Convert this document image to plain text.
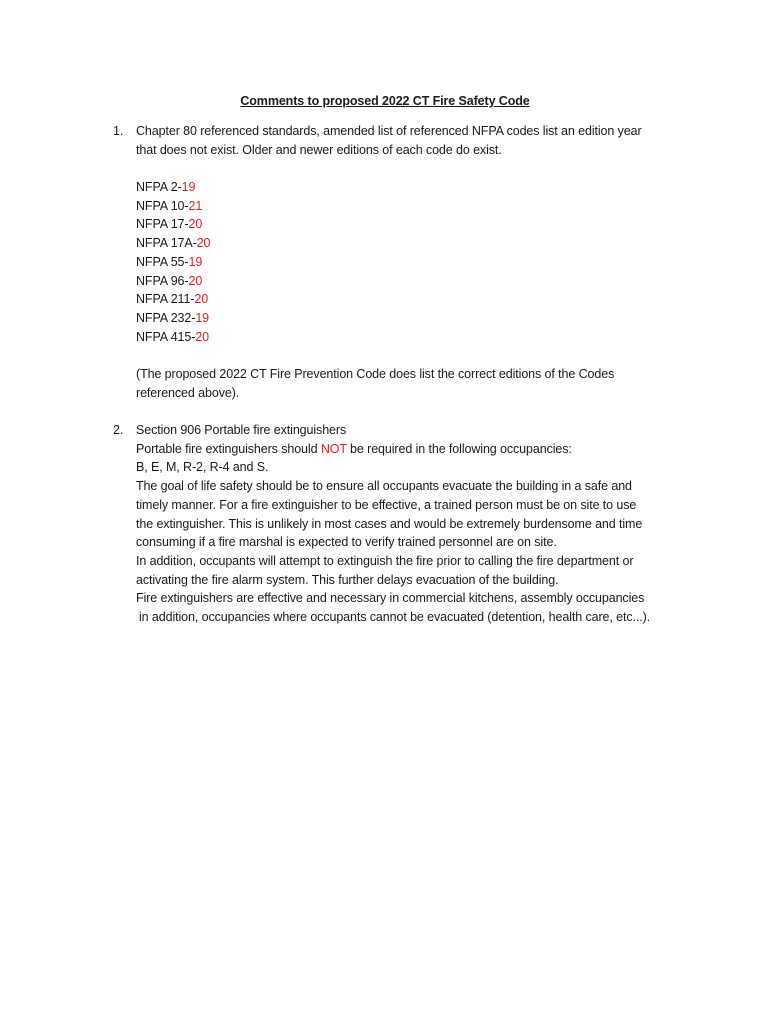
Comments to proposed 2022 CT Fire Safety Code
1. Chapter 80 referenced standards, amended list of referenced NFPA codes list an edition year

that does not exist. Older and newer editions of each code do exist.

NFPA 2-19
NFPA 10-21
NFPA 17-20
NFPA 17A-20
NFPA 55-19
NFPA 96-20
NFPA 211-20
NFPA 232-19
NFPA 415-20

(The proposed 2022 CT Fire Prevention Code does list the correct editions of the Codes

referenced above).

2. Section 906 Portable fire extinguishers

Portable fire extinguishers should NOT be required in the following occupancies:

B, E, M, R-2, R-4 and S.

The goal of life safety should be to ensure all occupants evacuate the building in a safe and

timely manner. For a fire extinguisher to be effective, a trained person must be on site to use

the extinguisher. This is unlikely in most cases and would be extremely burdensome and time

consuming if a fire marshal is expected to verify trained personnel are on site.

In addition, occupants will attempt to extinguish the fire prior to calling the fire department or

activating the fire alarm system. This further delays evacuation of the building.

Fire extinguishers are effective and necessary in commercial kitchens, assembly occupancies

in addition, occupancies where occupants cannot be evacuated (detention, health care, etc...).
